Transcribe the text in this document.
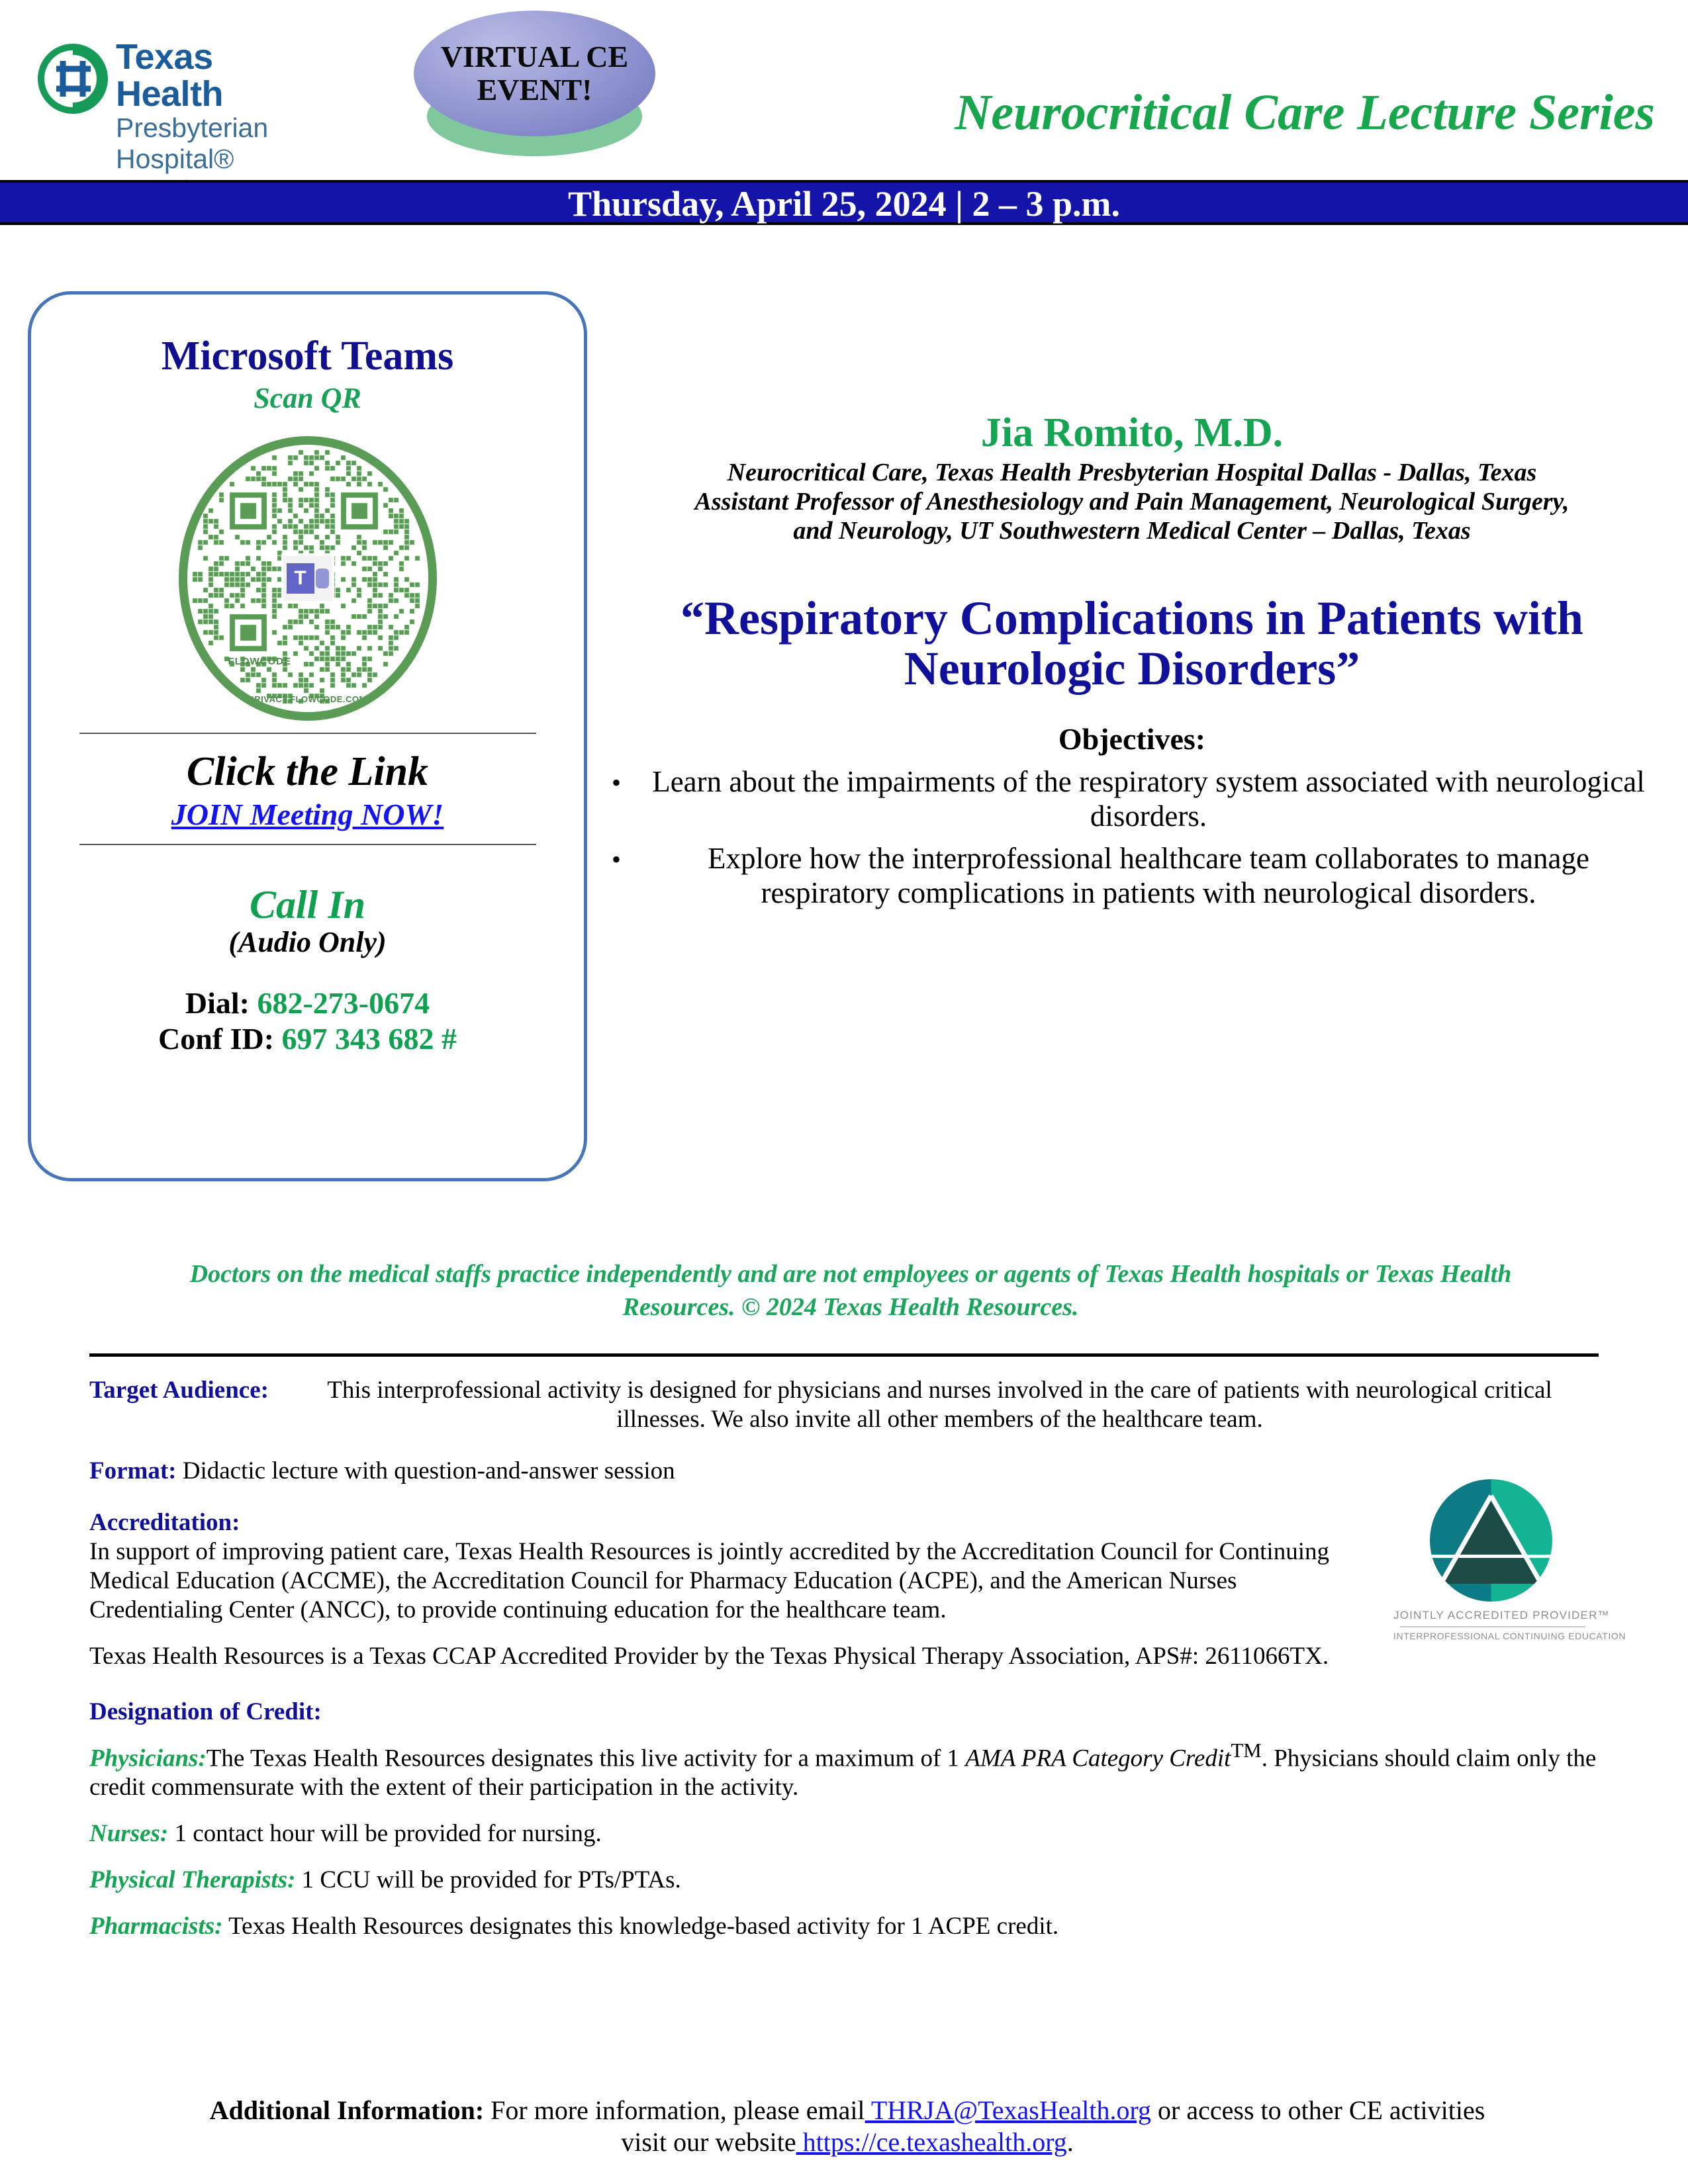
Texas Health
Presbyterian Hospital®
VIRTUAL CE EVENT!	Neurocritical Care Lecture Series
Thursday, April 25, 2024 | 2 – 3 p.m.
Microsoft Teams
Scan QR
T
FLOWCODE
PRIVACY.FLOWCODE.COM
Click the Link
JOIN Meeting NOW!
Call In
(Audio Only)
Dial: 682-273-0674
Conf ID: 697 343 682 #
Jia Romito, M.D.
Neurocritical Care, Texas Health Presbyterian Hospital Dallas - Dallas, Texas
Assistant Professor of Anesthesiology and Pain Management, Neurological Surgery,
and Neurology, UT Southwestern Medical Center – Dallas, Texas
“Respiratory Complications in Patients with Neurologic Disorders”
Objectives:
• Learn about the impairments of the respiratory system associated with neurological disorders.
•	Explore how the interprofessional healthcare team collaborates to manage respiratory complications in patients with neurological disorders.
Doctors on the medical staffs practice independently and are not employees or agents of Texas Health hospitals or Texas Health Resources. © 2024 Texas Health Resources.
Target Audience:	This interprofessional activity is designed for physicians and nurses involved in the care of patients with neurological critical illnesses. We also invite all other members of the healthcare team.

Format: Didactic lecture with question-and-answer session

Accreditation:

In support of improving patient care, Texas Health Resources is jointly accredited by the Accreditation Council for Continuing Medical Education (ACCME), the Accreditation Council for Pharmacy Education (ACPE), and the American Nurses Credentialing Center (ANCC), to provide continuing education for the healthcare team.

Texas Health Resources is a Texas CCAP Accredited Provider by the Texas Physical Therapy Association, APS#: 2611066TX.

Designation of Credit:

Physicians:The Texas Health Resources designates this live activity for a maximum of 1 AMA PRA Category Credit™. Physicians should claim only the credit commensurate with the extent of their participation in the activity.

Nurses: 1 contact hour will be provided for nursing.

Physical Therapists: 1 CCU will be provided for PTs/PTAs.

Pharmacists: Texas Health Resources designates this knowledge-based activity for 1 ACPE credit.

JOINTLY ACCREDITED PROVIDER™
INTERPROFESSIONAL CONTINUING EDUCATION
Additional Information: For more information, please email THRJA@TexasHealth.org or access to other CE activities visit our website https://ce.texashealth.org.
